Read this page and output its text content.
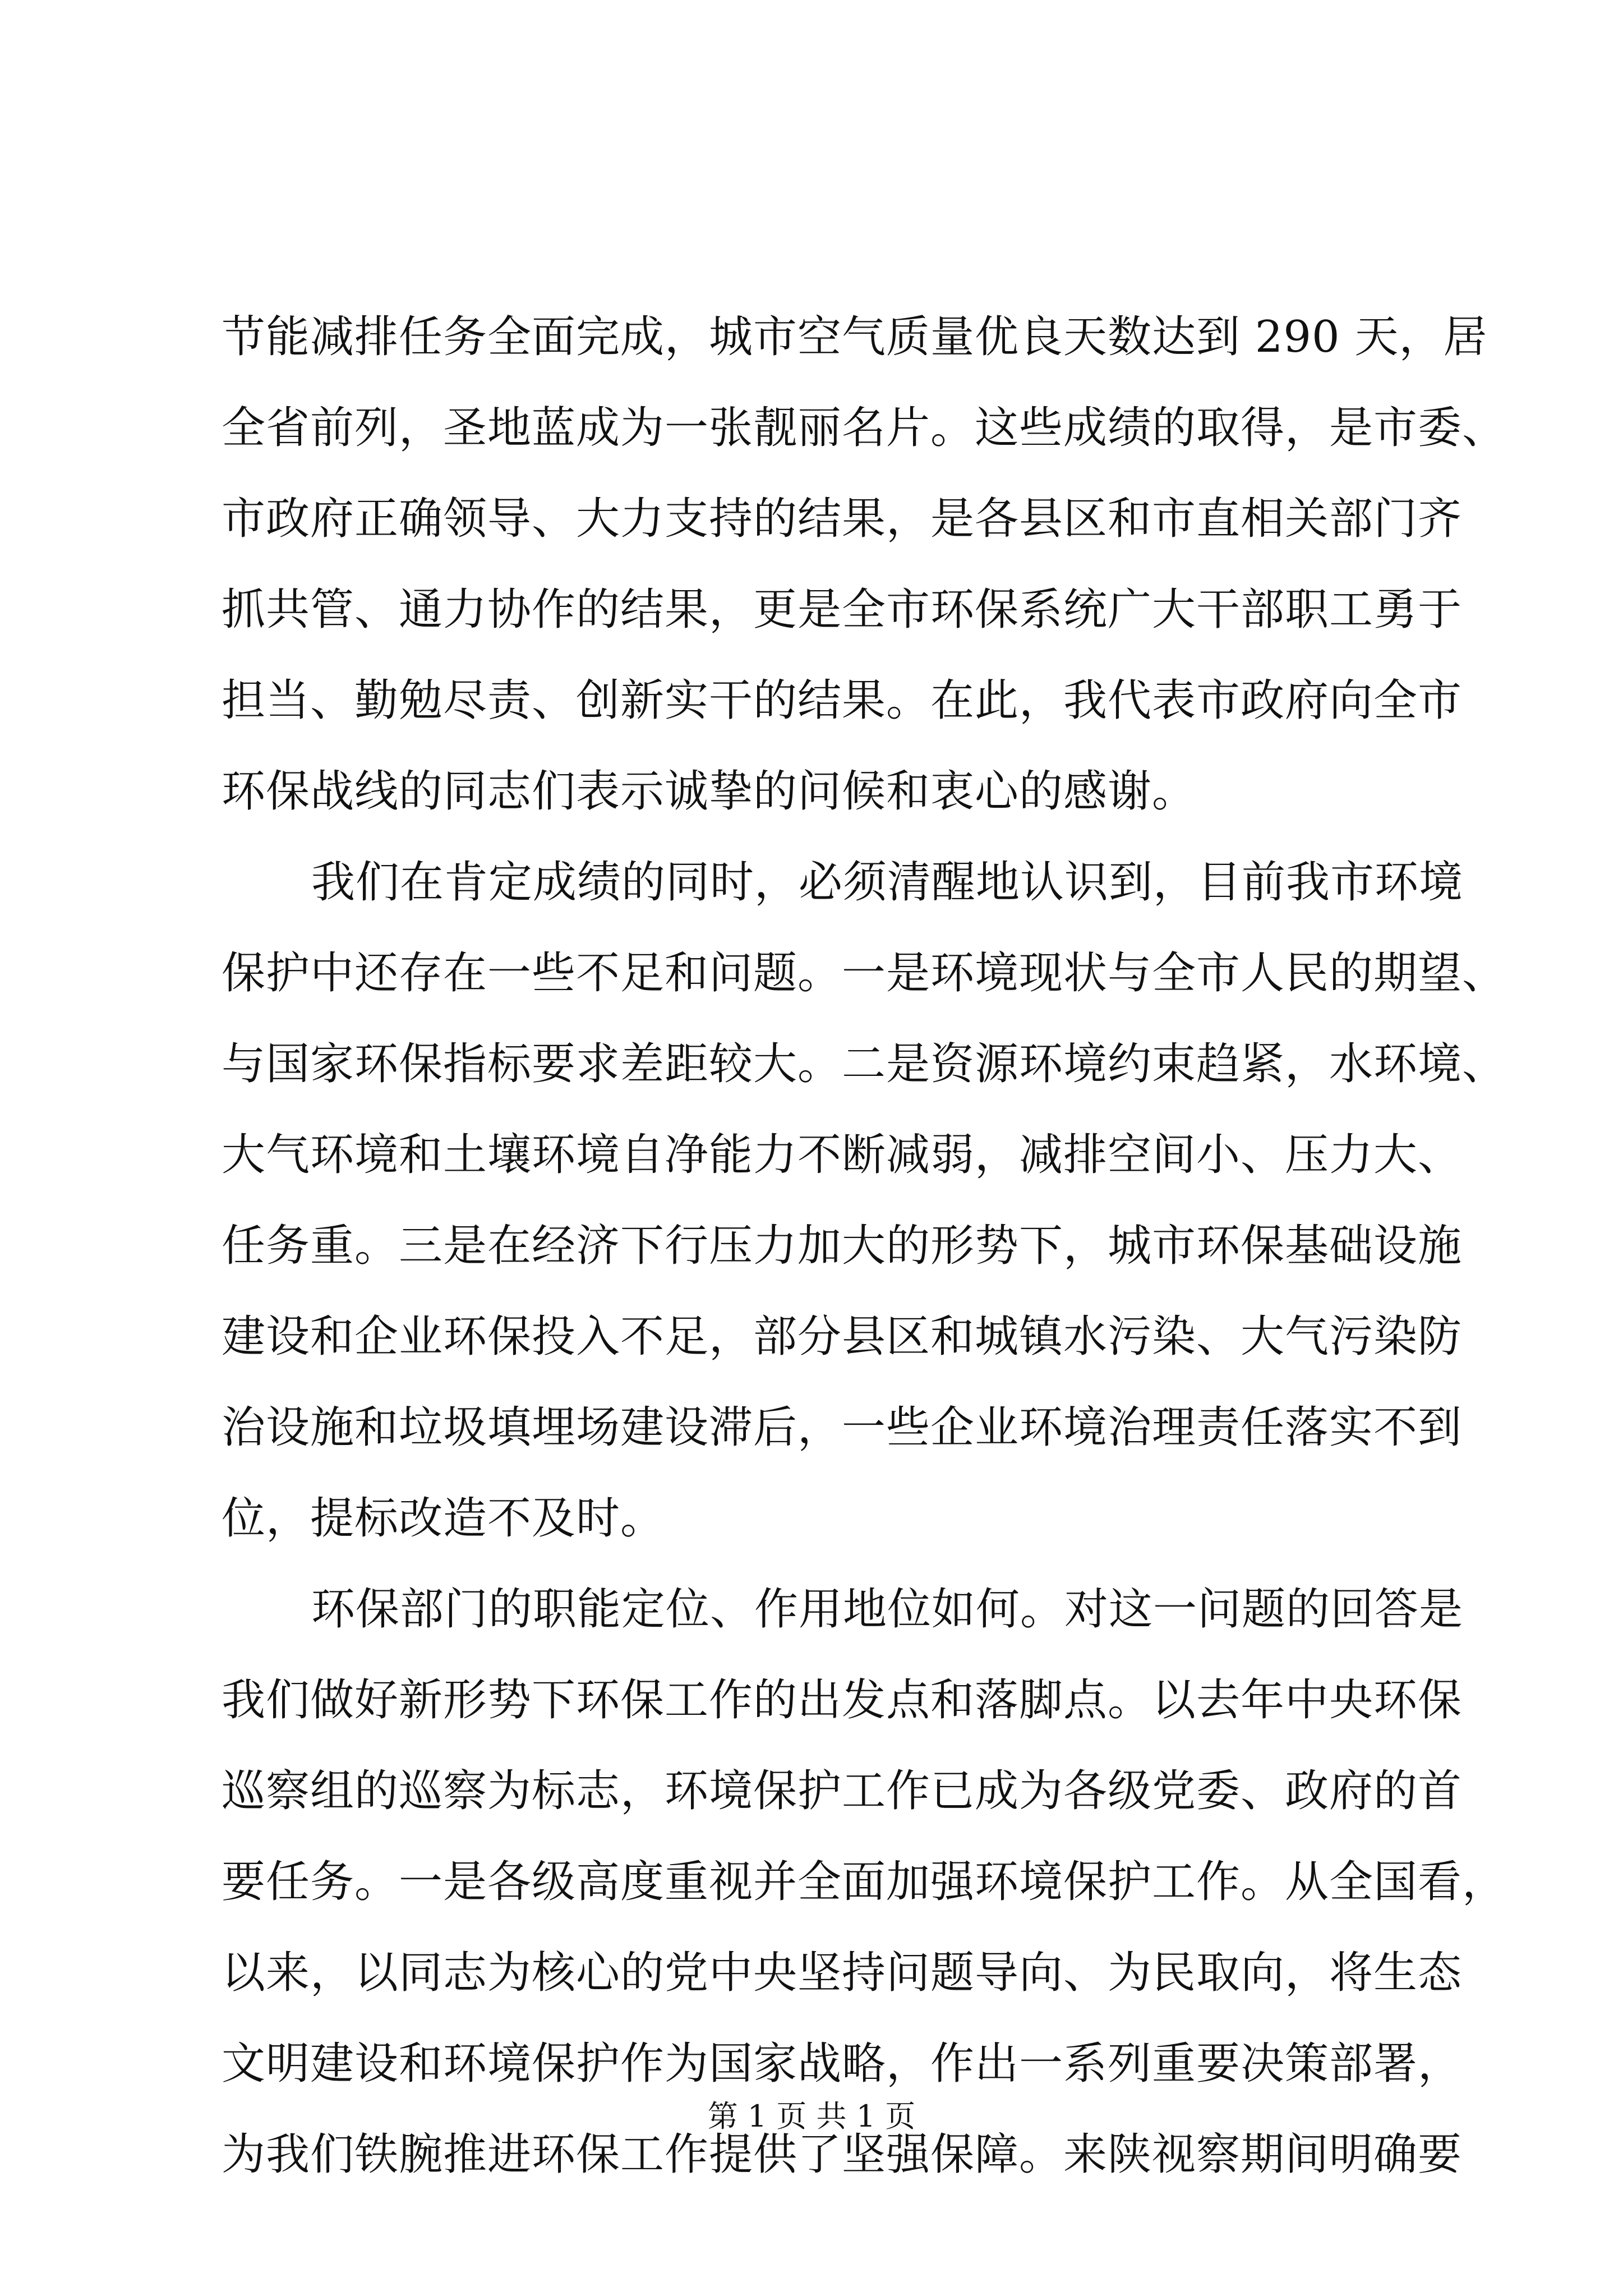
节能减排任务全面完成，城市空气质量优良天数达到 290 天，居
全省前列，圣地蓝成为一张靓丽名片。这些成绩的取得，是市委、
市政府正确领导、大力支持的结果，是各县区和市直相关部门齐
抓共管、通力协作的结果，更是全市环保系统广大干部职工勇于
担当、勤勉尽责、创新实干的结果。在此，我代表市政府向全市
环保战线的同志们表示诚挚的问候和衷心的感谢。
我们在肯定成绩的同时，必须清醒地认识到，目前我市环境
保护中还存在一些不足和问题。一是环境现状与全市人民的期望、
与国家环保指标要求差距较大。二是资源环境约束趋紧，水环境、
大气环境和土壤环境自净能力不断减弱，减排空间小、压力大、
任务重。三是在经济下行压力加大的形势下，城市环保基础设施
建设和企业环保投入不足，部分县区和城镇水污染、大气污染防
治设施和垃圾填埋场建设滞后，一些企业环境治理责任落实不到
位，提标改造不及时。
环保部门的职能定位、作用地位如何。对这一问题的回答是
我们做好新形势下环保工作的出发点和落脚点。以去年中央环保
巡察组的巡察为标志，环境保护工作已成为各级党委、政府的首
要任务。一是各级高度重视并全面加强环境保护工作。从全国看，
以来，以同志为核心的党中央坚持问题导向、为民取向，将生态
文明建设和环境保护作为国家战略，作出一系列重要决策部署，
为我们铁腕推进环保工作提供了坚强保障。来陕视察期间明确要
第 1 页 共 1 页
